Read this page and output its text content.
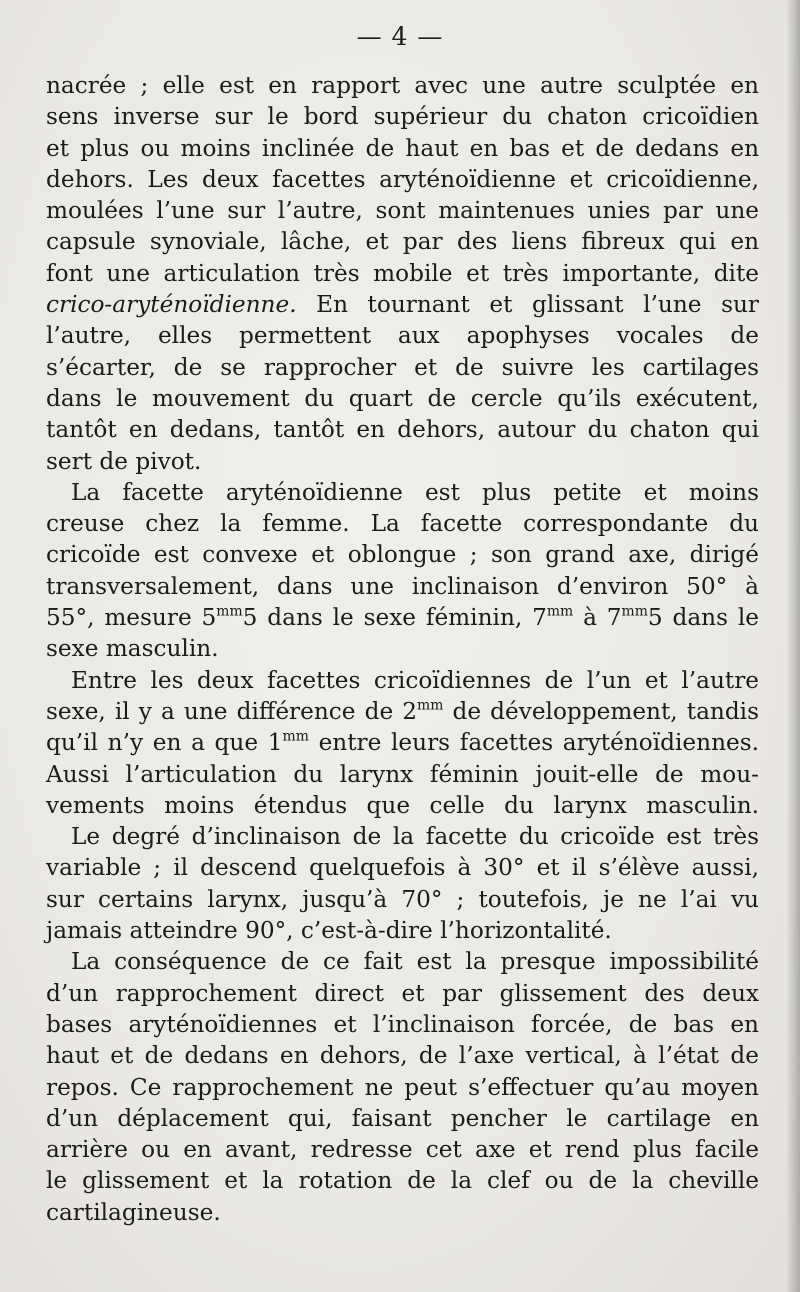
— 4 —
nacrée ; elle est en rapport avec une autre sculptée en
sens inverse sur le bord supérieur du chaton cricoïdien
et plus ou moins inclinée de haut en bas et de dedans en
dehors. Les deux facettes aryténoïdienne et cricoïdienne,
moulées l’une sur l’autre, sont maintenues unies par une
capsule synoviale, lâche, et par des liens fibreux qui en
font une articulation très mobile et très importante, dite
crico-aryténoïdienne. En tournant et glissant l’une sur
l’autre, elles permettent aux apophyses vocales de
s’écarter, de se rapprocher et de suivre les cartilages
dans le mouvement du quart de cercle qu’ils exécutent,
tantôt en dedans, tantôt en dehors, autour du chaton qui
sert de pivot.
La facette aryténoïdienne est plus petite et moins
creuse chez la femme. La facette correspondante du
cricoïde est convexe et oblongue ; son grand axe, dirigé
transversalement, dans une inclinaison d’environ 50° à
55°, mesure $5^{mm}5$ dans le sexe féminin, $7^{mm}$ à $7^{mm}5$ dans le
sexe masculin.
Entre les deux facettes cricoïdiennes de l’un et l’autre
sexe, il y a une différence de $2^{mm}$ de développement, tandis
qu’il n’y en a que $1^{mm}$ entre leurs facettes aryténoïdiennes.
Aussi l’articulation du larynx féminin jouit-elle de mou-
vements moins étendus que celle du larynx masculin.
Le degré d’inclinaison de la facette du cricoïde est très
variable ; il descend quelquefois à 30° et il s’élève aussi,
sur certains larynx, jusqu’à 70° ; toutefois, je ne l’ai vu
jamais atteindre 90°, c’est-à-dire l’horizontalité.
La conséquence de ce fait est la presque impossibilité
d’un rapprochement direct et par glissement des deux
bases aryténoïdiennes et l’inclinaison forcée, de bas en
haut et de dedans en dehors, de l’axe vertical, à l’état de
repos. Ce rapprochement ne peut s’effectuer qu’au moyen
d’un déplacement qui, faisant pencher le cartilage en
arrière ou en avant, redresse cet axe et rend plus facile
le glissement et la rotation de la clef ou de la cheville
cartilagineuse.
